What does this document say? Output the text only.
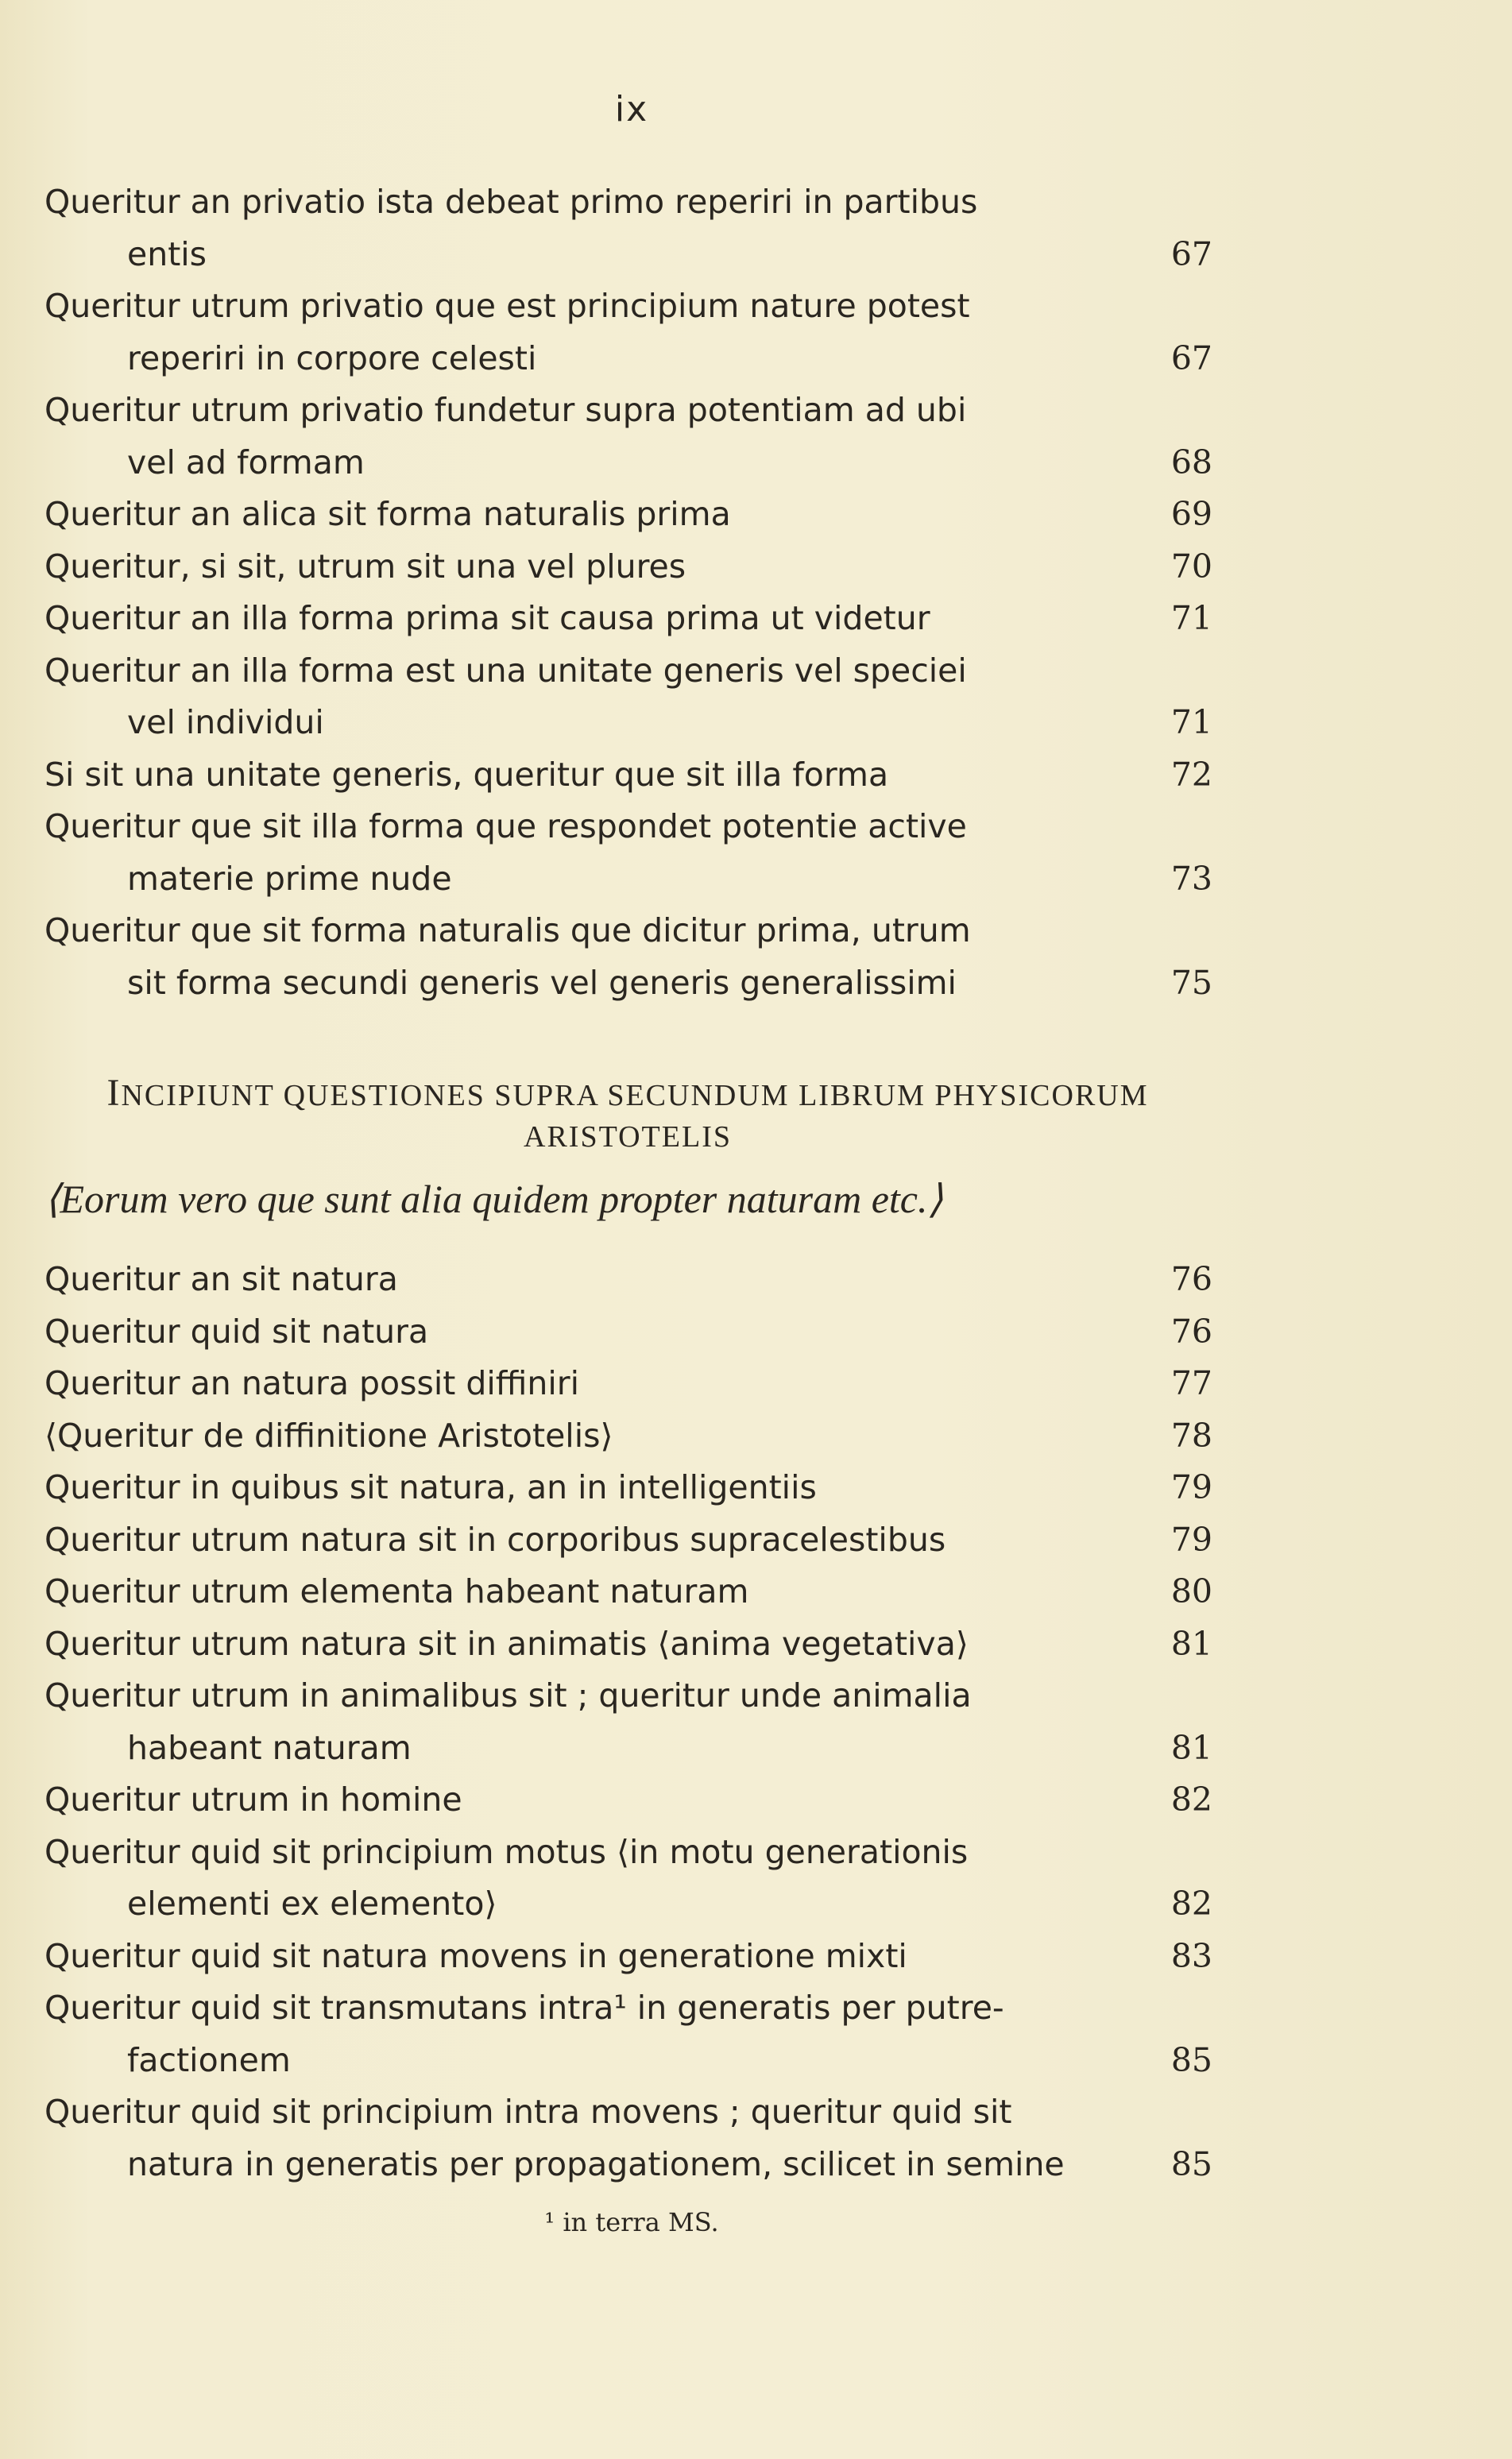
ix
Queritur an privatio ista debeat primo reperiri in partibus
entis	67
Queritur utrum privatio que est principium nature potest
reperiri in corpore celesti	67
Queritur utrum privatio fundetur supra potentiam ad ubi
vel ad formam	68
Queritur an alica sit forma naturalis prima	69
Queritur, si sit, utrum sit una vel plures	70
Queritur an illa forma prima sit causa prima ut videtur	71
Queritur an illa forma est una unitate generis vel speciei
vel individui	71
Si sit una unitate generis, queritur que sit illa forma	72
Queritur que sit illa forma que respondet potentie active
materie prime nude	73
Queritur que sit forma naturalis que dicitur prima, utrum
sit forma secundi generis vel generis generalissimi	75
INCIPIUNT QUESTIONES SUPRA SECUNDUM LIBRUM PHYSICORUM
ARISTOTELIS
⟨Eorum vero que sunt alia quidem propter naturam etc.⟩
Queritur an sit natura	76
Queritur quid sit natura	76
Queritur an natura possit diffiniri	77
⟨Queritur de diffinitione Aristotelis⟩	78
Queritur in quibus sit natura, an in intelligentiis	79
Queritur utrum natura sit in corporibus supracelestibus	79
Queritur utrum elementa habeant naturam	80
Queritur utrum natura sit in animatis ⟨anima vegetativa⟩	81
Queritur utrum in animalibus sit ; queritur unde animalia
habeant naturam	81
Queritur utrum in homine	82
Queritur quid sit principium motus ⟨in motu generationis
elementi ex elemento⟩	82
Queritur quid sit natura movens in generatione mixti	83
Queritur quid sit transmutans intra¹ in generatis per putre-
factionem	85
Queritur quid sit principium intra movens ; queritur quid sit
natura in generatis per propagationem, scilicet in semine	85
¹ in terra MS.
